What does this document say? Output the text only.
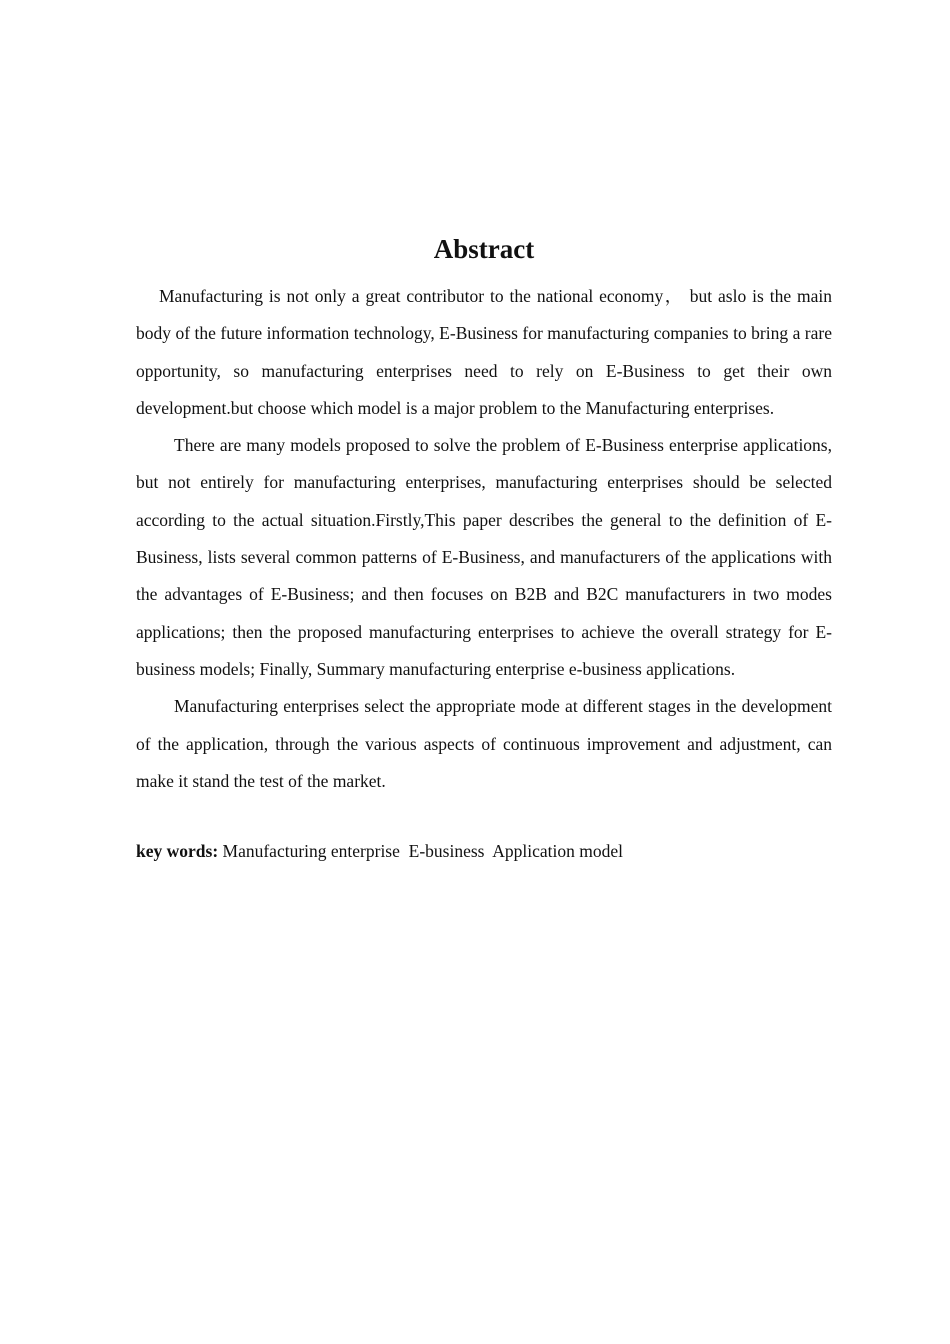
Abstract

Manufacturing is not only a great contributor to the national economy， but aslo is the main body of the future information technology, E-Business for manufacturing companies to bring a rare opportunity, so manufacturing enterprises need to rely on E-Business to get their own development.but choose which model is a major problem to the Manufacturing enterprises.

There are many models proposed to solve the problem of E-Business enterprise applications, but not entirely for manufacturing enterprises, manufacturing enterprises should be selected according to the actual situation.Firstly,This paper describes the general to the definition of E-Business, lists several common patterns of E-Business, and manufacturers of the applications with the advantages of E-Business; and then focuses on B2B and B2C manufacturers in two modes applications; then the proposed manufacturing enterprises to achieve the overall strategy for E-business models; Finally, Summary manufacturing enterprise e-business applications.

Manufacturing enterprises select the appropriate mode at different stages in the development of the application, through the various aspects of continuous improvement and adjustment, can make it stand the test of the market.

key words: Manufacturing enterprise  E-business  Application model
